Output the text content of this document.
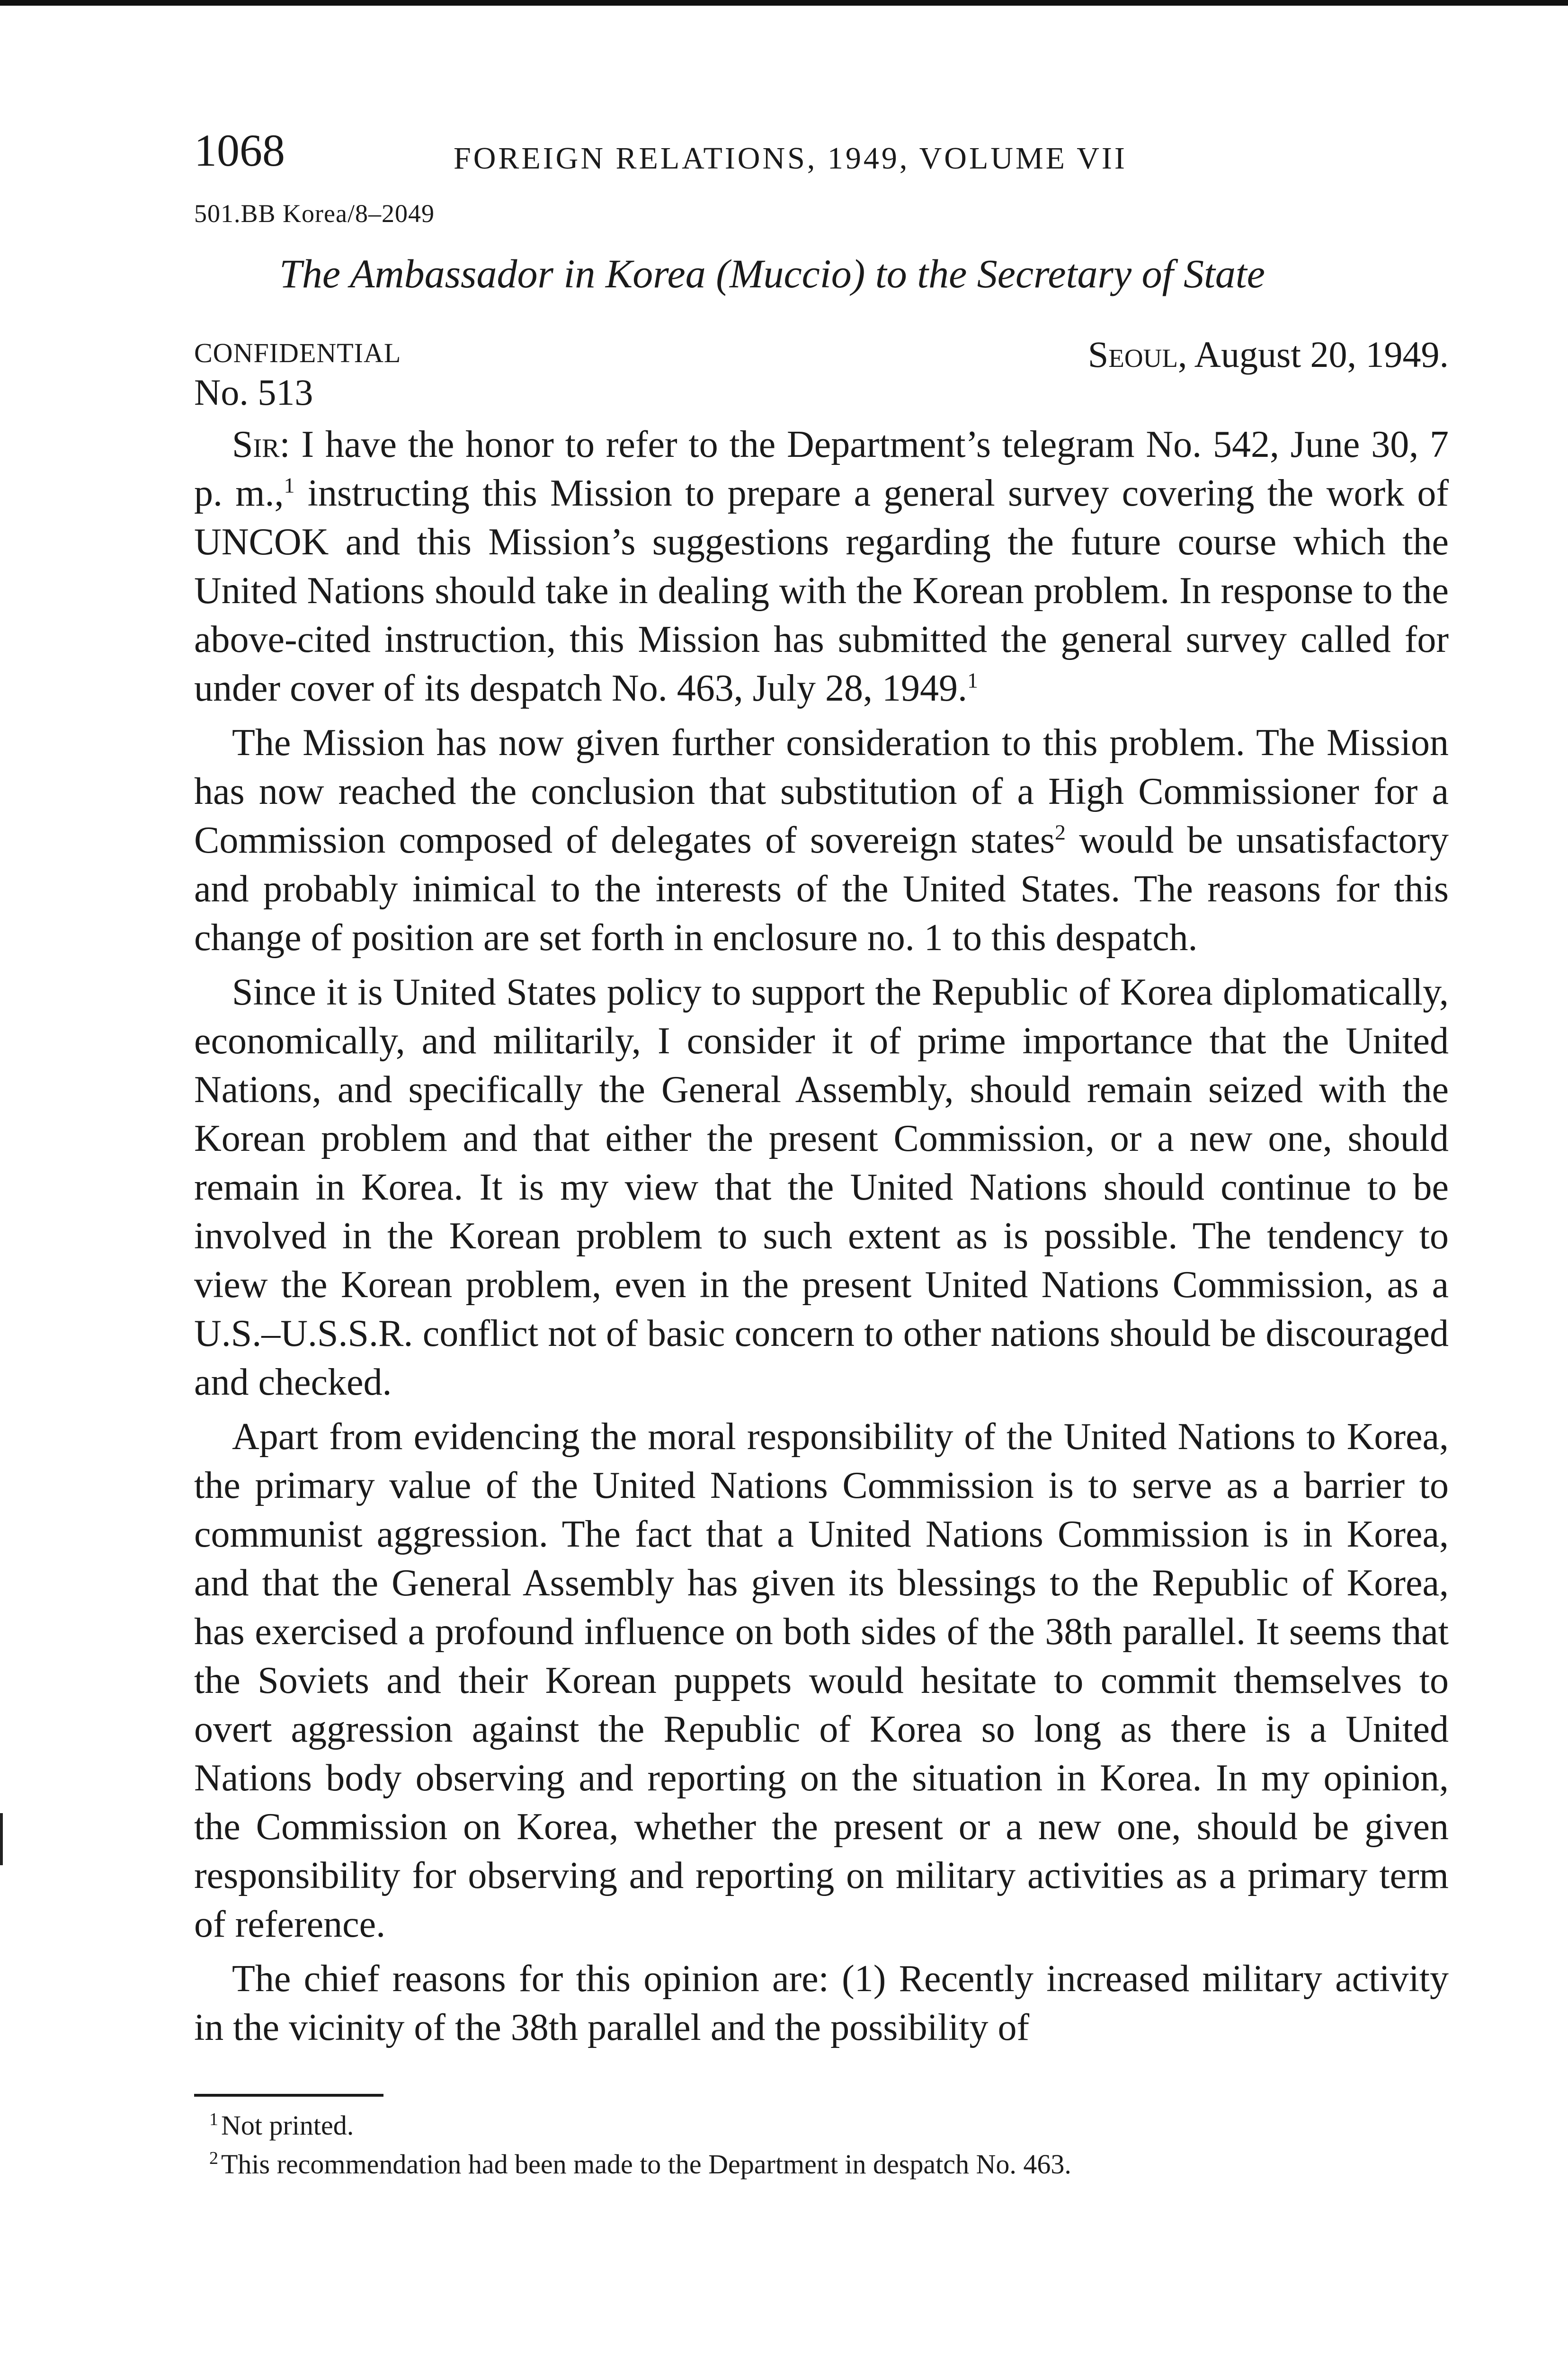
1068	FOREIGN RELATIONS, 1949, VOLUME VII
501.BB Korea/8–2049
The Ambassador in Korea (Muccio) to the Secretary of State
CONFIDENTIAL	Seoul, August 20, 1949.
No. 513

Sir: I have the honor to refer to the Department’s telegram No. 542, June 30, 7 p. m.,$^1$ instructing this Mission to prepare a general survey covering the work of UNCOK and this Mission’s suggestions regarding the future course which the United Nations should take in dealing with the Korean problem. In response to the above-cited instruction, this Mission has submitted the general survey called for under cover of its despatch No. 463, July 28, 1949.$^1$

The Mission has now given further consideration to this problem. The Mission has now reached the conclusion that substitution of a High Commissioner for a Commission composed of delegates of sovereign states$^2$ would be unsatisfactory and probably inimical to the interests of the United States. The reasons for this change of position are set forth in enclosure no. 1 to this despatch.

Since it is United States policy to support the Republic of Korea diplomatically, economically, and militarily, I consider it of prime importance that the United Nations, and specifically the General Assembly, should remain seized with the Korean problem and that either the present Commission, or a new one, should remain in Korea. It is my view that the United Nations should continue to be involved in the Korean problem to such extent as is possible. The tendency to view the Korean problem, even in the present United Nations Commission, as a U.S.–U.S.S.R. conflict not of basic concern to other nations should be discouraged and checked.

Apart from evidencing the moral responsibility of the United Nations to Korea, the primary value of the United Nations Commission is to serve as a barrier to communist aggression. The fact that a United Nations Commission is in Korea, and that the General Assembly has given its blessings to the Republic of Korea, has exercised a profound influence on both sides of the 38th parallel. It seems that the Soviets and their Korean puppets would hesitate to commit themselves to overt aggression against the Republic of Korea so long as there is a United Nations body observing and reporting on the situation in Korea. In my opinion, the Commission on Korea, whether the present or a new one, should be given responsibility for observing and reporting on military activities as a primary term of reference.

The chief reasons for this opinion are: (1) Recently increased military activity in the vicinity of the 38th parallel and the possibility of

$^1$ Not printed.
$^2$ This recommendation had been made to the Department in despatch No. 463.
